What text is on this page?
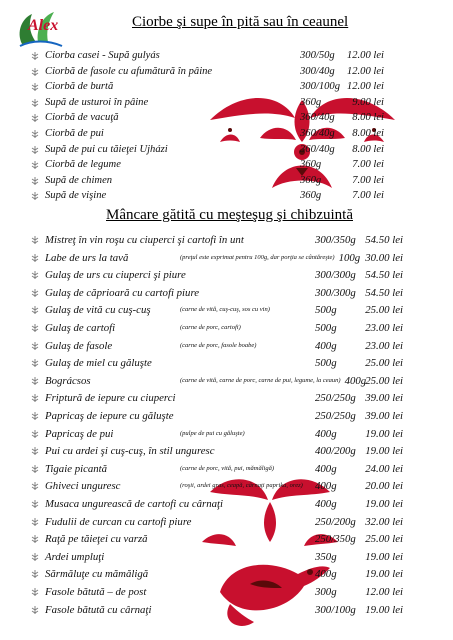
Alex	Ciorbe şi supe în pită sau în ceaunel
Mâncare gătită cu meşteşug şi chibzuintă
Ciorba casei - Supă gulyás	300/50g	12.00 lei
Ciorbă de fasole cu afumătură în pâine	300/40g	12.00 lei
Ciorbă de burtă	300/100g 12.00 lei
Supă de usturoi în pâine	360g	9.00 lei
Ciorbă de vacuţă	360/40g	8.00 lei
Ciorbă de pui	360/40g	8.00 lei
Supă de pui cu tăieţei Ujházi	360/40g	8.00 lei
Ciorbă de legume	360g	7.00 lei
Supă de chimen	360g	7.00 lei
Supă de vişine	360g	7.00 lei
Mistreţ în vin roşu cu ciuperci şi cartofi în unt	300/350g 54.50 lei
Labe de urs la tavă	(preţul este exprimat pentru 100g, dar porţia se cântăreşte) 100g 30.00 lei
Gulaş de urs cu ciuperci şi piure	300/300g 54.50 lei
Gulaş de căprioară cu cartofi piure	300/300g 54.50 lei
Gulaş de vită cu cuş-cuş	(carne de vită, cuş-cuş, sos cu vin)	500g	25.00 lei
Gulaş de cartofi	(carne de porc, cartofi)	500g	23.00 lei
Gulaş de fasole	(carne de porc, fasole boabe)	400g	23.00 lei
Gulaş de miel cu găluşte	500g	25.00 lei
Bográcsos	(carne de vită, carne de porc, carne de pui, legume, la ceaun) 400g 25.00 lei
Friptură de iepure cu ciuperci	250/250g 39.00 lei
Papricaş de iepure cu găluşte	250/250g 39.00 lei
Papricaş de pui	(pulpe de pui cu găluşte)	400g	19.00 lei
Pui cu ardei şi cuş-cuş, în stil unguresc	400/200g 19.00 lei
Tigaie picantă	(carne de porc, vită, pui, mămăligă)	400g	24.00 lei
Ghiveci unguresc	(roşii, ardei gras, ceapă, cârnaţi paprika, orez) 400g	20.00 lei
Musaca ungurească de cartofi cu cârnaţi	400g	19.00 lei
Fudulii de curcan cu cartofi piure	250/200g 32.00 lei
Raţă pe tăieţei cu varză	250/350g 25.00 lei
Ardei umpluţi	350g	19.00 lei
Sărmăluţe cu mămăligă	400g	19.00 lei
Fasole bătută – de post	300g	12.00 lei
Fasole bătută cu cârnaţi	300/100g 19.00 lei
